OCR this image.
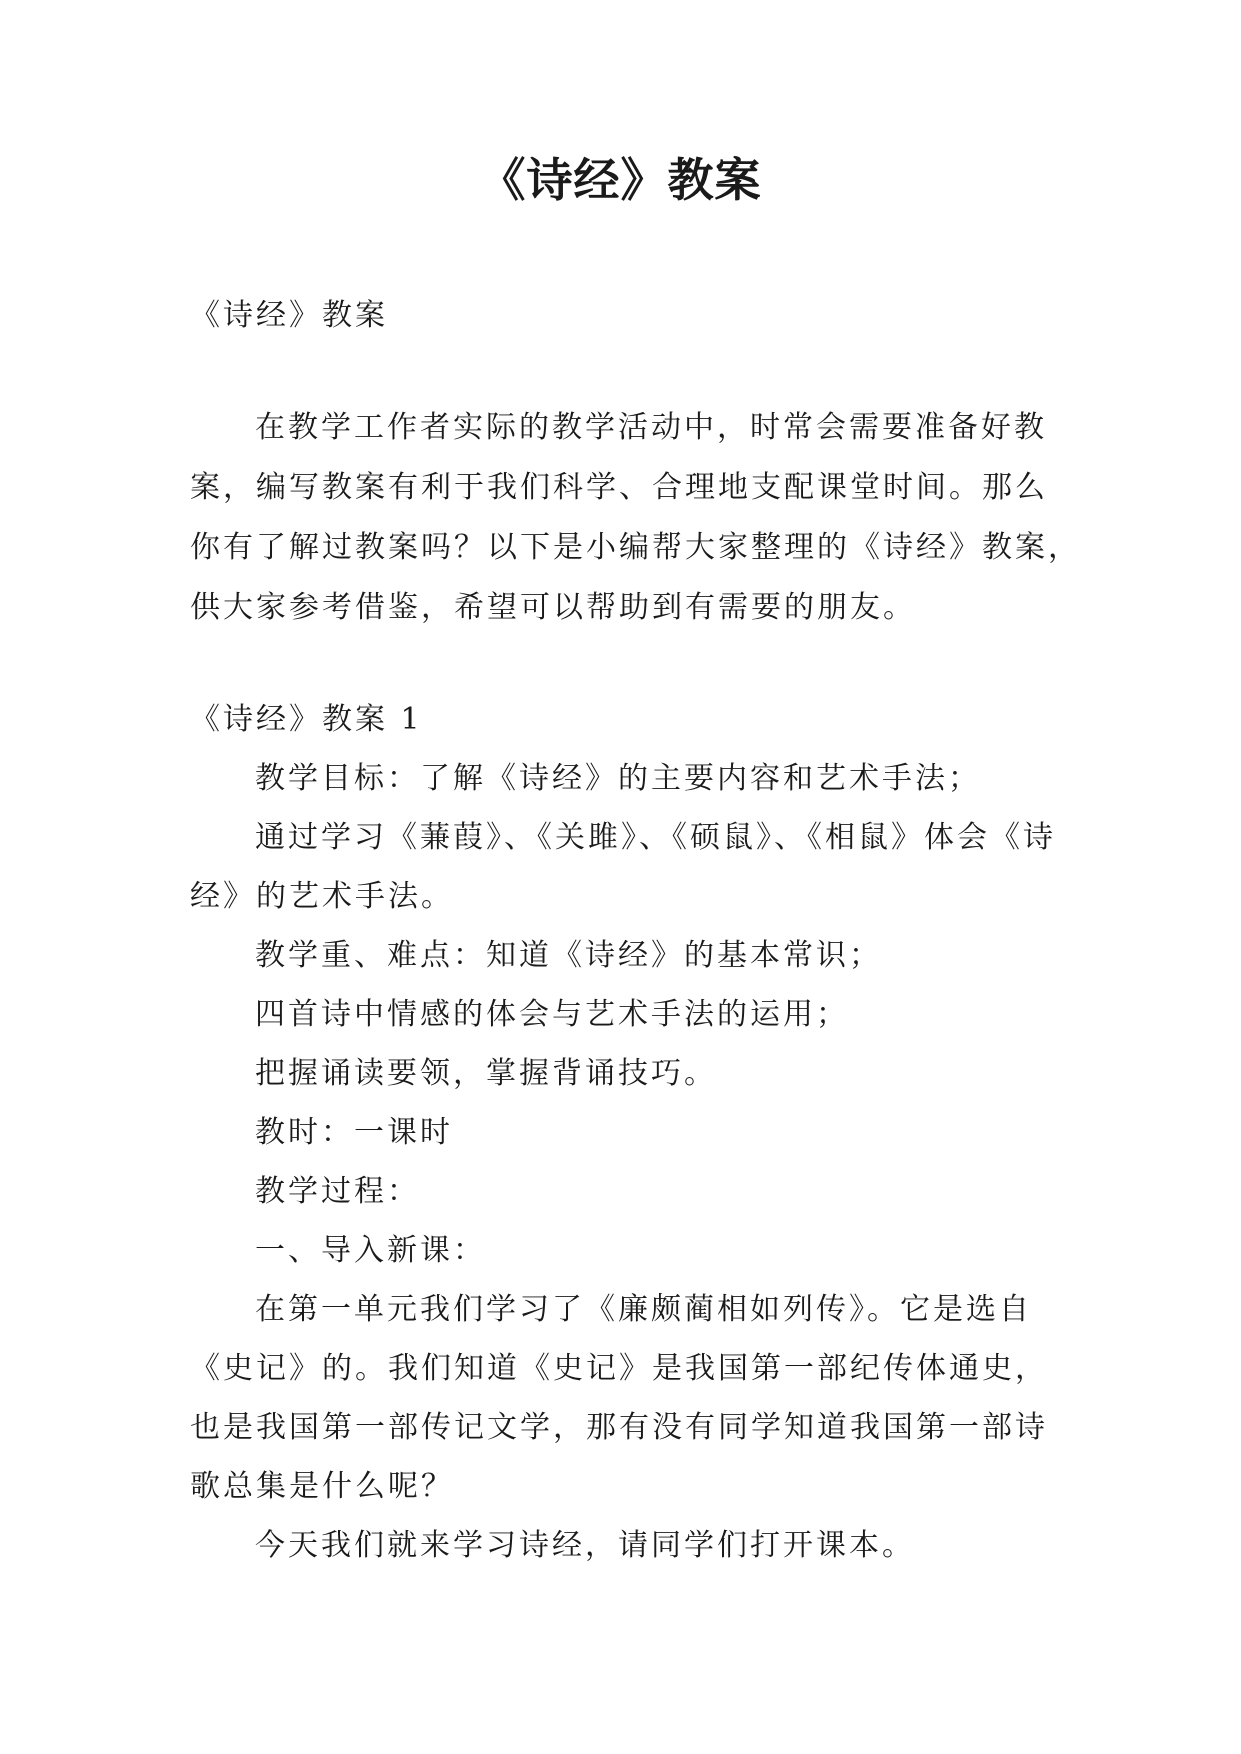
《诗经》教案
《诗经》教案
在教学工作者实际的教学活动中，时常会需要准备好教
案，编写教案有利于我们科学、合理地支配课堂时间。那么
你有了解过教案吗？以下是小编帮大家整理的《诗经》教案，
供大家参考借鉴，希望可以帮助到有需要的朋友。
《诗经》教案 1
教学目标：了解《诗经》的主要内容和艺术手法；
通过学习《蒹葭》、《关雎》、《硕鼠》、《相鼠》体会《诗
经》的艺术手法。
教学重、难点：知道《诗经》的基本常识；
四首诗中情感的体会与艺术手法的运用；
把握诵读要领，掌握背诵技巧。
教时：一课时
教学过程：
一、导入新课：
在第一单元我们学习了《廉颇蔺相如列传》。它是选自
《史记》的。我们知道《史记》是我国第一部纪传体通史，
也是我国第一部传记文学，那有没有同学知道我国第一部诗
歌总集是什么呢？
今天我们就来学习诗经，请同学们打开课本。
